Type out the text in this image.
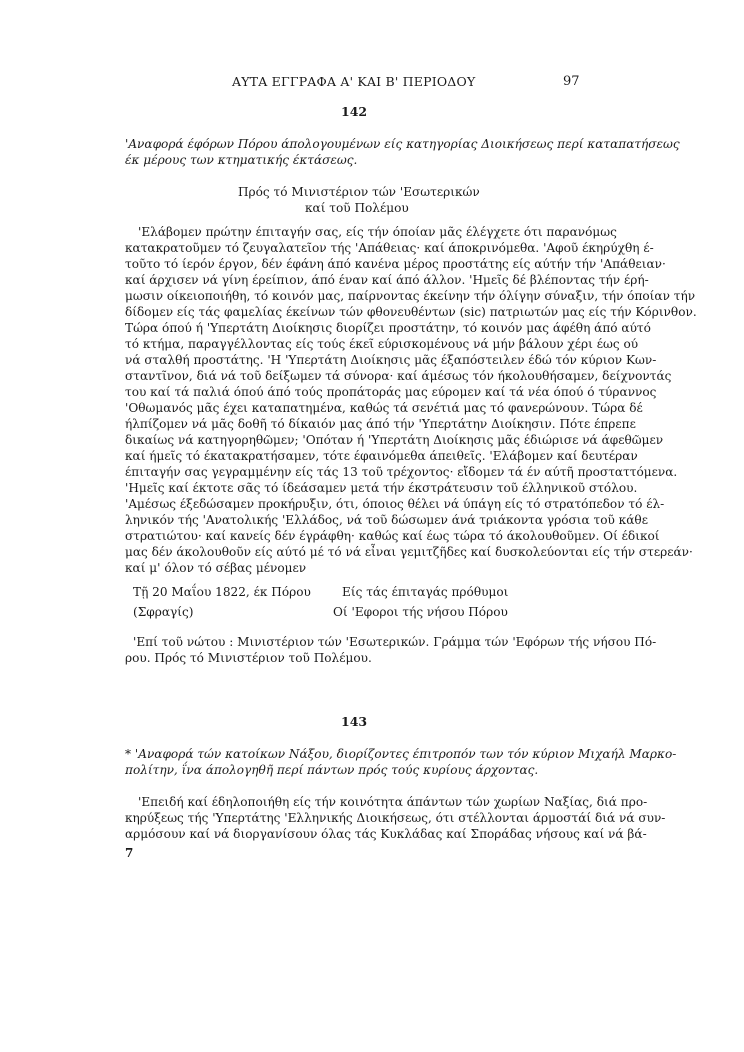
ΑΥΤΑ ΕΓΓΡΑΦΑ Α' ΚΑΙ Β' ΠΕΡΙΟΔΟΥ	97
142
'Αναφορά έφόρων Πόρου άπολογουμένων είς κατηγορίας Διοικήσεως περί καταπατήσεως
έκ μέρους των κτηματικής έκτάσεως.
Πρός τό Μινιστέριον τών 'Εσωτερικών
καί τοῦ Πολέμου
'Ελάβομεν πρώτην έπιταγήν σας, είς τήν όποίαν μᾶς έλέγχετε ότι παρανόμως
κατακρατοῦμεν τό ζευγαλατεῖον τής 'Απάθειας· καί άποκρινόμεθα. 'Αφοῦ έκηρύχθη έ-
τοῦτο τό ίερόν έργον, δέν έφάνη άπό κανένα μέρος προστάτης είς αύτήν τήν 'Απάθειαν·
καί άρχισεν νά γίνη έρείπιον, άπό έναν καί άπό άλλον. 'Ημεῖς δέ βλέποντας τήν έρή-
μωσιν οίκειοποιήθη, τό κοινόν μας, παίρνοντας έκείνην τήν όλίγην σύναξιν, τήν όποίαν τήν
δίδομεν είς τάς φαμελίας έκείνων τών φθονευθέντων (sic) πατριωτών μας είς τήν Κόρινθον.
Τώρα όπού ή 'Υπερτάτη Διοίκησις διορίζει προστάτην, τό κοινόν μας άφέθη άπό αύτό
τό κτήμα, παραγγέλλοντας είς τούς έκεῖ εύρισκομένους νά μήν βάλουν χέρι έως ού
νά σταλθή προστάτης. 'Η 'Υπερτάτη Διοίκησις μᾶς έξαπόστειλεν έδώ τόν κύριον Κων-
σταντῖνον, διά νά τοῦ δείξωμεν τά σύνορα· καί άμέσως τόν ήκολουθήσαμεν, δείχνοντάς
του καί τά παλιά όπού άπό τούς προπάτοράς μας εύρομεν καί τά νέα όπού ό τύραννος
'Οθωμανός μᾶς έχει καταπατημένα, καθώς τά σενέτιά μας τό φανερώνουν. Τώρα δέ
ήλπίζομεν νά μᾶς δοθῆ τό δίκαιόν μας άπό τήν 'Υπερτάτην Διοίκησιν. Πότε έπρεπε
δικαίως νά κατηγορηθῶμεν; 'Οπόταν ή 'Υπερτάτη Διοίκησις μᾶς έδιώρισε νά άφεθῶμεν
καί ήμεῖς τό έκατακρατήσαμεν, τότε έφαινόμεθα άπειθεῖς. 'Ελάβομεν καί δευτέραν
έπιταγήν σας γεγραμμένην είς τάς 13 τοῦ τρέχοντος· εἴδομεν τά έν αύτῆ προσταττόμενα.
'Ημεῖς καί έκτοτε σᾶς τό ίδεάσαμεν μετά τήν έκστράτευσιν τοῦ έλληνικοῦ στόλου.
'Αμέσως έξεδώσαμεν προκήρυξιν, ότι, όποιος θέλει νά ύπάγη είς τό στρατόπεδον τό έλ-
ληνικόν τής 'Ανατολικής 'Ελλάδος, νά τοῦ δώσωμεν άνά τριάκοντα γρόσια τοῦ κάθε
στρατιώτου· καί κανείς δέν έγράφθη· καθώς καί έως τώρα τό άκολουθοῦμεν. Οί έδικοί
μας δέν άκολουθοῦν είς αύτό μέ τό νά εἶναι γεμιτζῆδες καί δυσκολεύονται είς τήν στερεάν·
καί μ' όλον τό σέβας μένομεν
Τῇ 20 Μαΐου 1822, έκ Πόρου	Είς τάς έπιταγάς πρόθυμοι
(Σφραγίς)	Οί 'Εφοροι τής νήσου Πόρου
'Επί τοῦ νώτου : Μινιστέριον τών 'Εσωτερικών. Γράμμα τών 'Εφόρων τής νήσου Πό-
ρου. Πρός τό Μινιστέριον τοῦ Πολέμου.
143
* 'Αναφορά τών κατοίκων Νάξου, διορίζοντες έπιτροπόν των τόν κύριον Μιχαήλ Μαρκο-
πολίτην, ΐνα άπολογηθῆ περί πάντων πρός τούς κυρίους άρχοντας.
'Επειδή καί έδηλοποιήθη είς τήν κοινότητα άπάντων τών χωρίων Ναξίας, διά προ-
κηρύξεως τής 'Υπερτάτης 'Ελληνικής Διοικήσεως, ότι στέλλονται άρμοστάί διά νά συν-
αρμόσουν καί νά διοργανίσουν όλας τάς Κυκλάδας καί Σποράδας νήσους καί νά βά-
7
